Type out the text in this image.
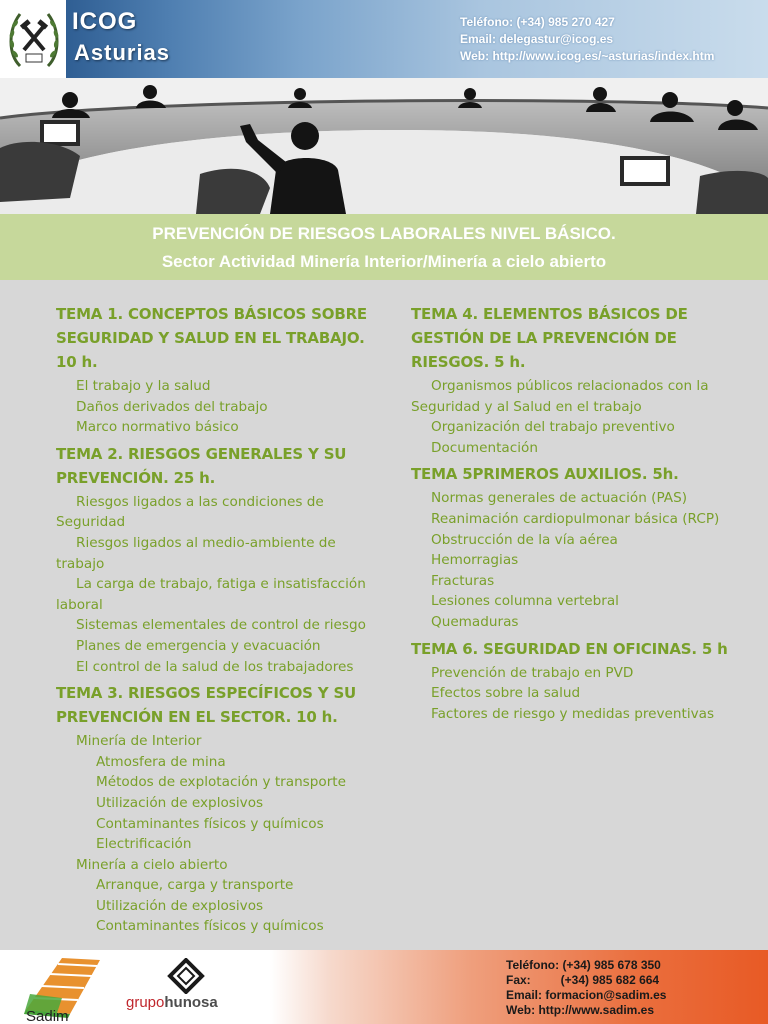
ICOG
Asturias
Teléfono: (+34) 985 270 427
Email: delegastur@icog.es
Web: http://www.icog.es/~asturias/index.htm
PREVENCIÓN DE RIESGOS LABORALES NIVEL BÁSICO.
Sector Actividad Minería Interior/Minería a cielo abierto
TEMA 1. CONCEPTOS BÁSICOS SOBRE SEGURIDAD Y SALUD EN EL TRABAJO. 10 h.
El trabajo y la salud
Daños derivados del trabajo
Marco normativo básico
TEMA 2. RIESGOS GENERALES Y SU PREVENCIÓN. 25 h.
Riesgos ligados a las condiciones de Seguridad
Riesgos ligados al medio-ambiente de trabajo
La carga de trabajo, fatiga e insatisfacción laboral
Sistemas elementales de control de riesgo
Planes de emergencia y evacuación
El control de la salud de los trabajadores
TEMA 3. RIESGOS ESPECÍFICOS Y SU PREVENCIÓN EN EL SECTOR. 10 h.
Minería de Interior
Atmosfera de mina
Métodos de explotación y transporte
Utilización de explosivos
Contaminantes físicos y químicos
Electrificación
Minería a cielo abierto
Arranque, carga y transporte
Utilización de explosivos
Contaminantes físicos y químicos
TEMA 4. ELEMENTOS BÁSICOS DE GESTIÓN DE LA PREVENCIÓN DE RIESGOS. 5 h.
Organismos públicos relacionados con la Seguridad y al Salud en el trabajo
Organización del trabajo preventivo
Documentación
TEMA 5PRIMEROS AUXILIOS. 5h.
Normas generales de actuación (PAS)
Reanimación cardiopulmonar básica (RCP)
Obstrucción de la vía aérea
Hemorragias
Fracturas
Lesiones columna vertebral
Quemaduras
TEMA 6. SEGURIDAD EN OFICINAS. 5 h
Prevención de trabajo en PVD
Efectos sobre la salud
Factores de riesgo y medidas preventivas
Sadim
grupohunosa
Teléfono: (+34) 985 678 350
Fax:         (+34) 985 682 664
Email: formacion@sadim.es
Web: http://www.sadim.es
